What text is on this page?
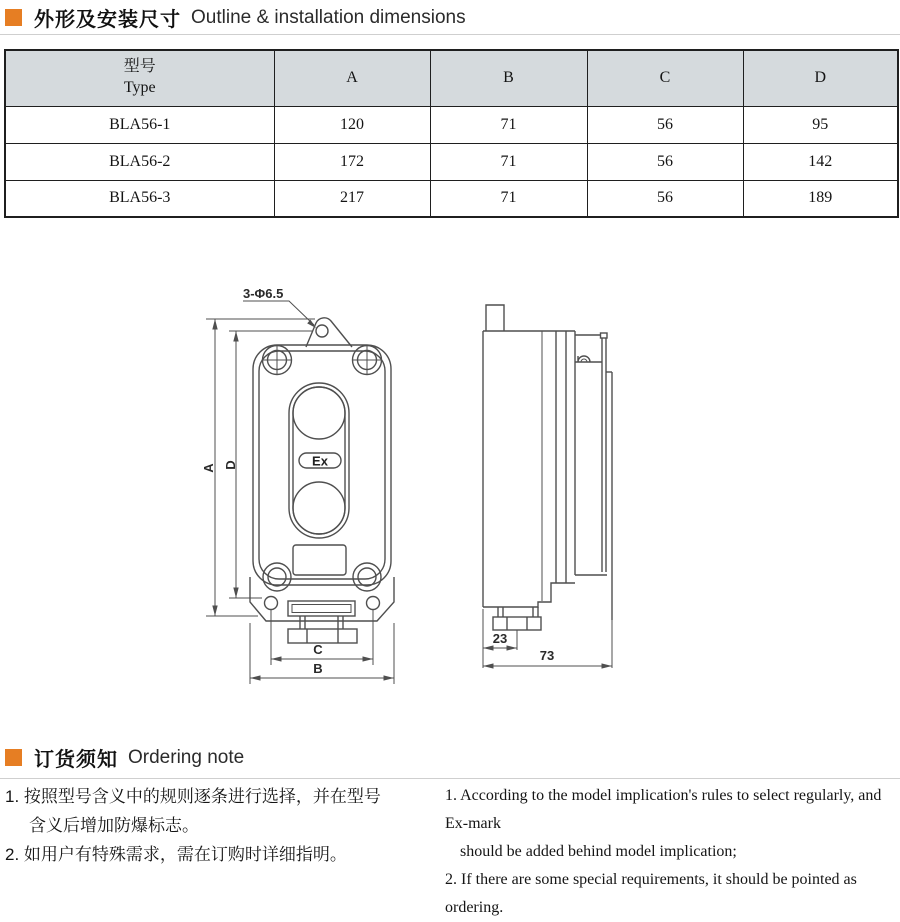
外形及安装尺寸 Outline & installation dimensions
型号
Type	A	B	C	D
BLA56-1	120	71	56	95
BLA56-2	172	71	56	142
BLA56-3	217	71	56	189
3-Φ6.5
A D	Ex
C
B
23
73
订货须知 Ordering note
1. 按照型号含义中的规则逐条进行选择，并在型号
含义后增加防爆标志。
2. 如用户有特殊需求，需在订购时详细指明。
1. According to the model implication's rules to select regularly, and Ex-mark
should be added behind model implication;
2. If there are some special requirements, it should be pointed as ordering.
